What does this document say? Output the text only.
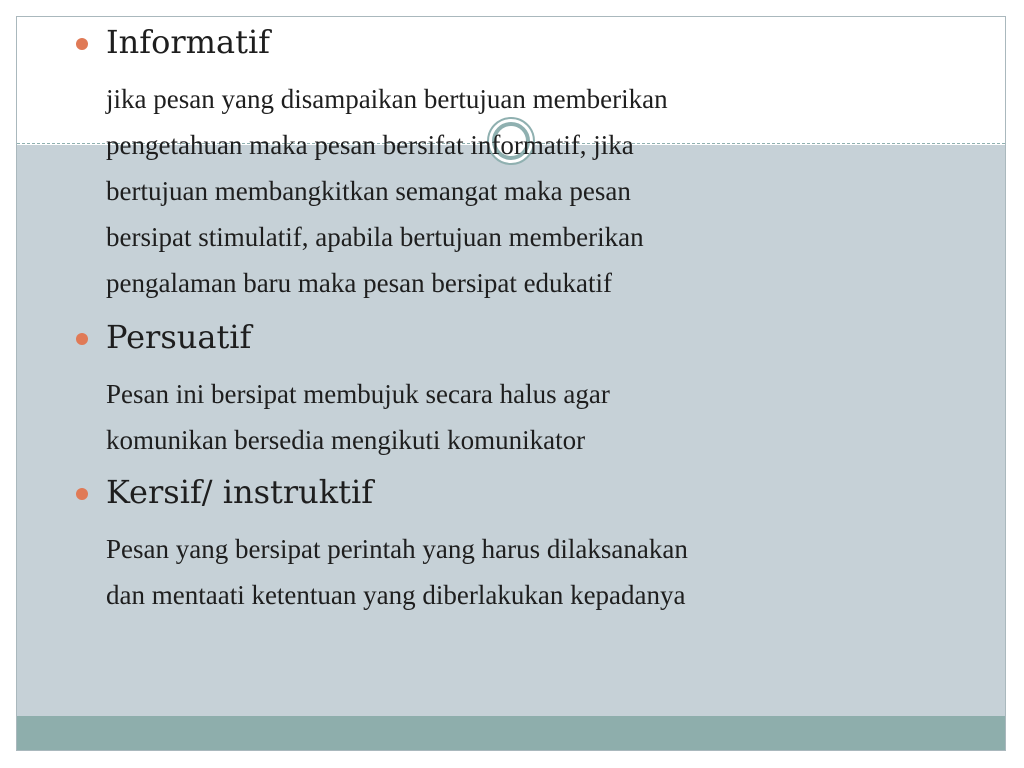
Informatif
jika pesan yang disampaikan bertujuan memberikan
pengetahuan maka pesan bersifat informatif, jika
bertujuan membangkitkan semangat maka pesan
bersipat stimulatif, apabila bertujuan memberikan
pengalaman baru maka pesan bersipat edukatif
Persuatif
Pesan ini bersipat membujuk secara halus agar
komunikan bersedia mengikuti komunikator
Kersif/ instruktif
Pesan yang bersipat perintah yang harus dilaksanakan
dan mentaati ketentuan yang diberlakukan kepadanya
